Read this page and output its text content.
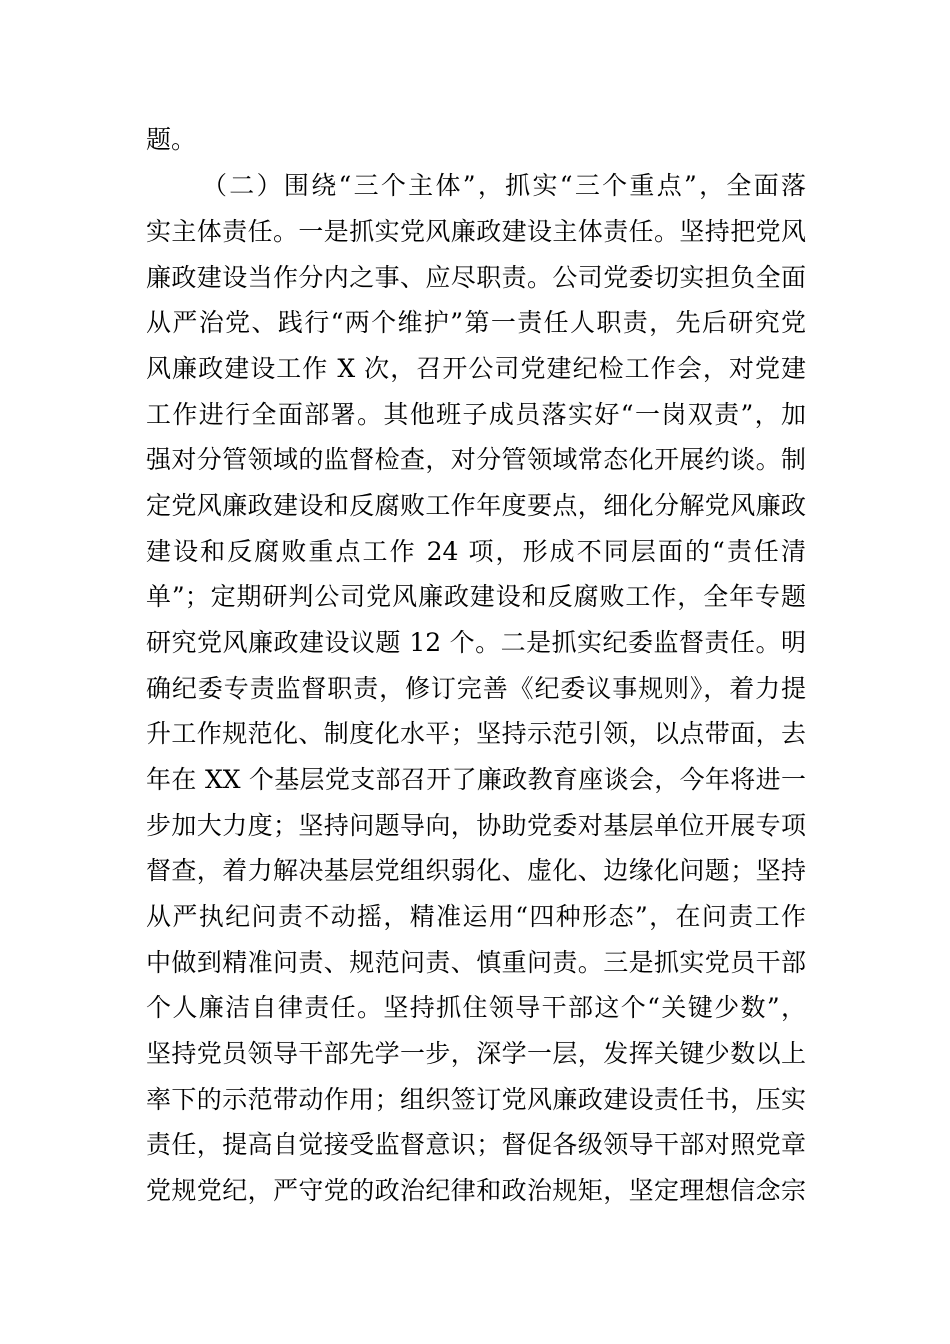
题。
（二）围绕“三个主体”，抓实“三个重点”，全面落
实主体责任。一是抓实党风廉政建设主体责任。坚持把党风
廉政建设当作分内之事、应尽职责。公司党委切实担负全面
从严治党、践行“两个维护”第一责任人职责，先后研究党
风廉政建设工作 X 次，召开公司党建纪检工作会，对党建
工作进行全面部署。其他班子成员落实好“一岗双责”，加
强对分管领域的监督检查，对分管领域常态化开展约谈。制
定党风廉政建设和反腐败工作年度要点，细化分解党风廉政
建设和反腐败重点工作 24 项，形成不同层面的“责任清
单”；定期研判公司党风廉政建设和反腐败工作，全年专题
研究党风廉政建设议题 12 个。二是抓实纪委监督责任。明
确纪委专责监督职责，修订完善《纪委议事规则》，着力提
升工作规范化、制度化水平；坚持示范引领，以点带面，去
年在 XX 个基层党支部召开了廉政教育座谈会，今年将进一
步加大力度；坚持问题导向，协助党委对基层单位开展专项
督查，着力解决基层党组织弱化、虚化、边缘化问题；坚持
从严执纪问责不动摇，精准运用“四种形态”，在问责工作
中做到精准问责、规范问责、慎重问责。三是抓实党员干部
个人廉洁自律责任。坚持抓住领导干部这个“关键少数”，
坚持党员领导干部先学一步，深学一层，发挥关键少数以上
率下的示范带动作用；组织签订党风廉政建设责任书，压实
责任，提高自觉接受监督意识；督促各级领导干部对照党章
党规党纪，严守党的政治纪律和政治规矩，坚定理想信念宗
